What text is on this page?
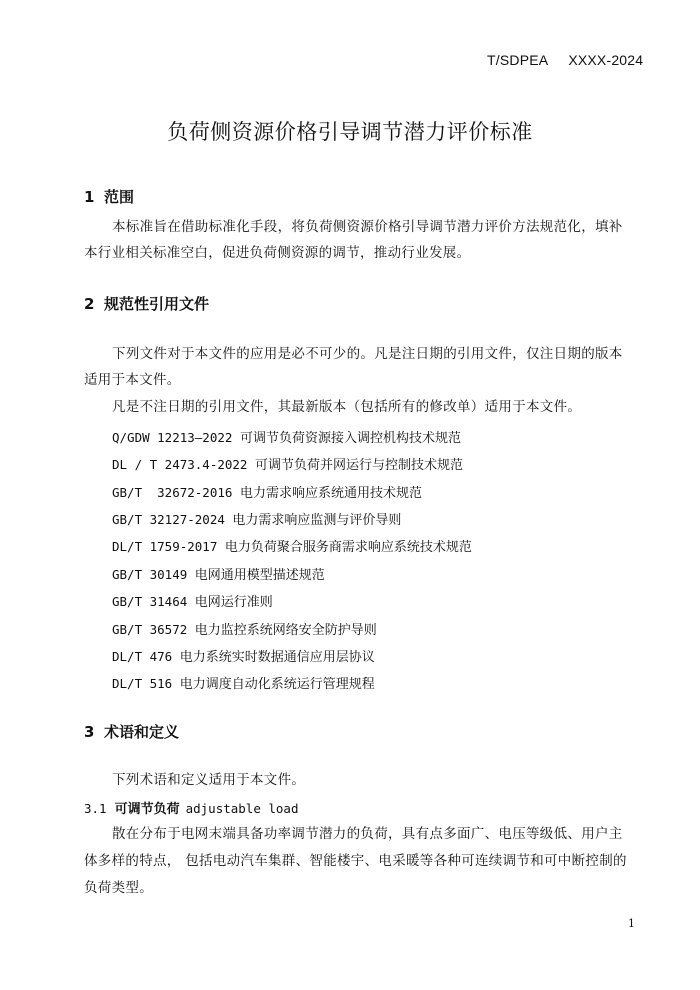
T/SDPEA XXXX-2024
负荷侧资源价格引导调节潜力评价标准
1 范围
本标准旨在借助标准化手段，将负荷侧资源价格引导调节潜力评价方法规范化，填补本行业相关标准空白，促进负荷侧资源的调节，推动行业发展。
2 规范性引用文件
下列文件对于本文件的应用是必不可少的。凡是注日期的引用文件，仅注日期的版本适用于本文件。
凡是不注日期的引用文件，其最新版本（包括所有的修改单）适用于本文件。
Q/GDW 12213—2022 可调节负荷资源接入调控机构技术规范
DL / T 2473.4-2022 可调节负荷并网运行与控制技术规范
GB/T  32672-2016 电力需求响应系统通用技术规范
GB/T 32127-2024 电力需求响应监测与评价导则
DL/T 1759-2017 电力负荷聚合服务商需求响应系统技术规范
GB/T 30149 电网通用模型描述规范
GB/T 31464 电网运行准则
GB/T 36572 电力监控系统网络安全防护导则
DL/T 476 电力系统实时数据通信应用层协议
DL/T 516 电力调度自动化系统运行管理规程
3 术语和定义
下列术语和定义适用于本文件。
3.1 可调节负荷 adjustable load
散在分布于电网末端具备功率调节潜力的负荷，具有点多面广、电压等级低、用户主体多样的特点， 包括电动汽车集群、智能楼宇、电采暖等各种可连续调节和可中断控制的负荷类型。
1
